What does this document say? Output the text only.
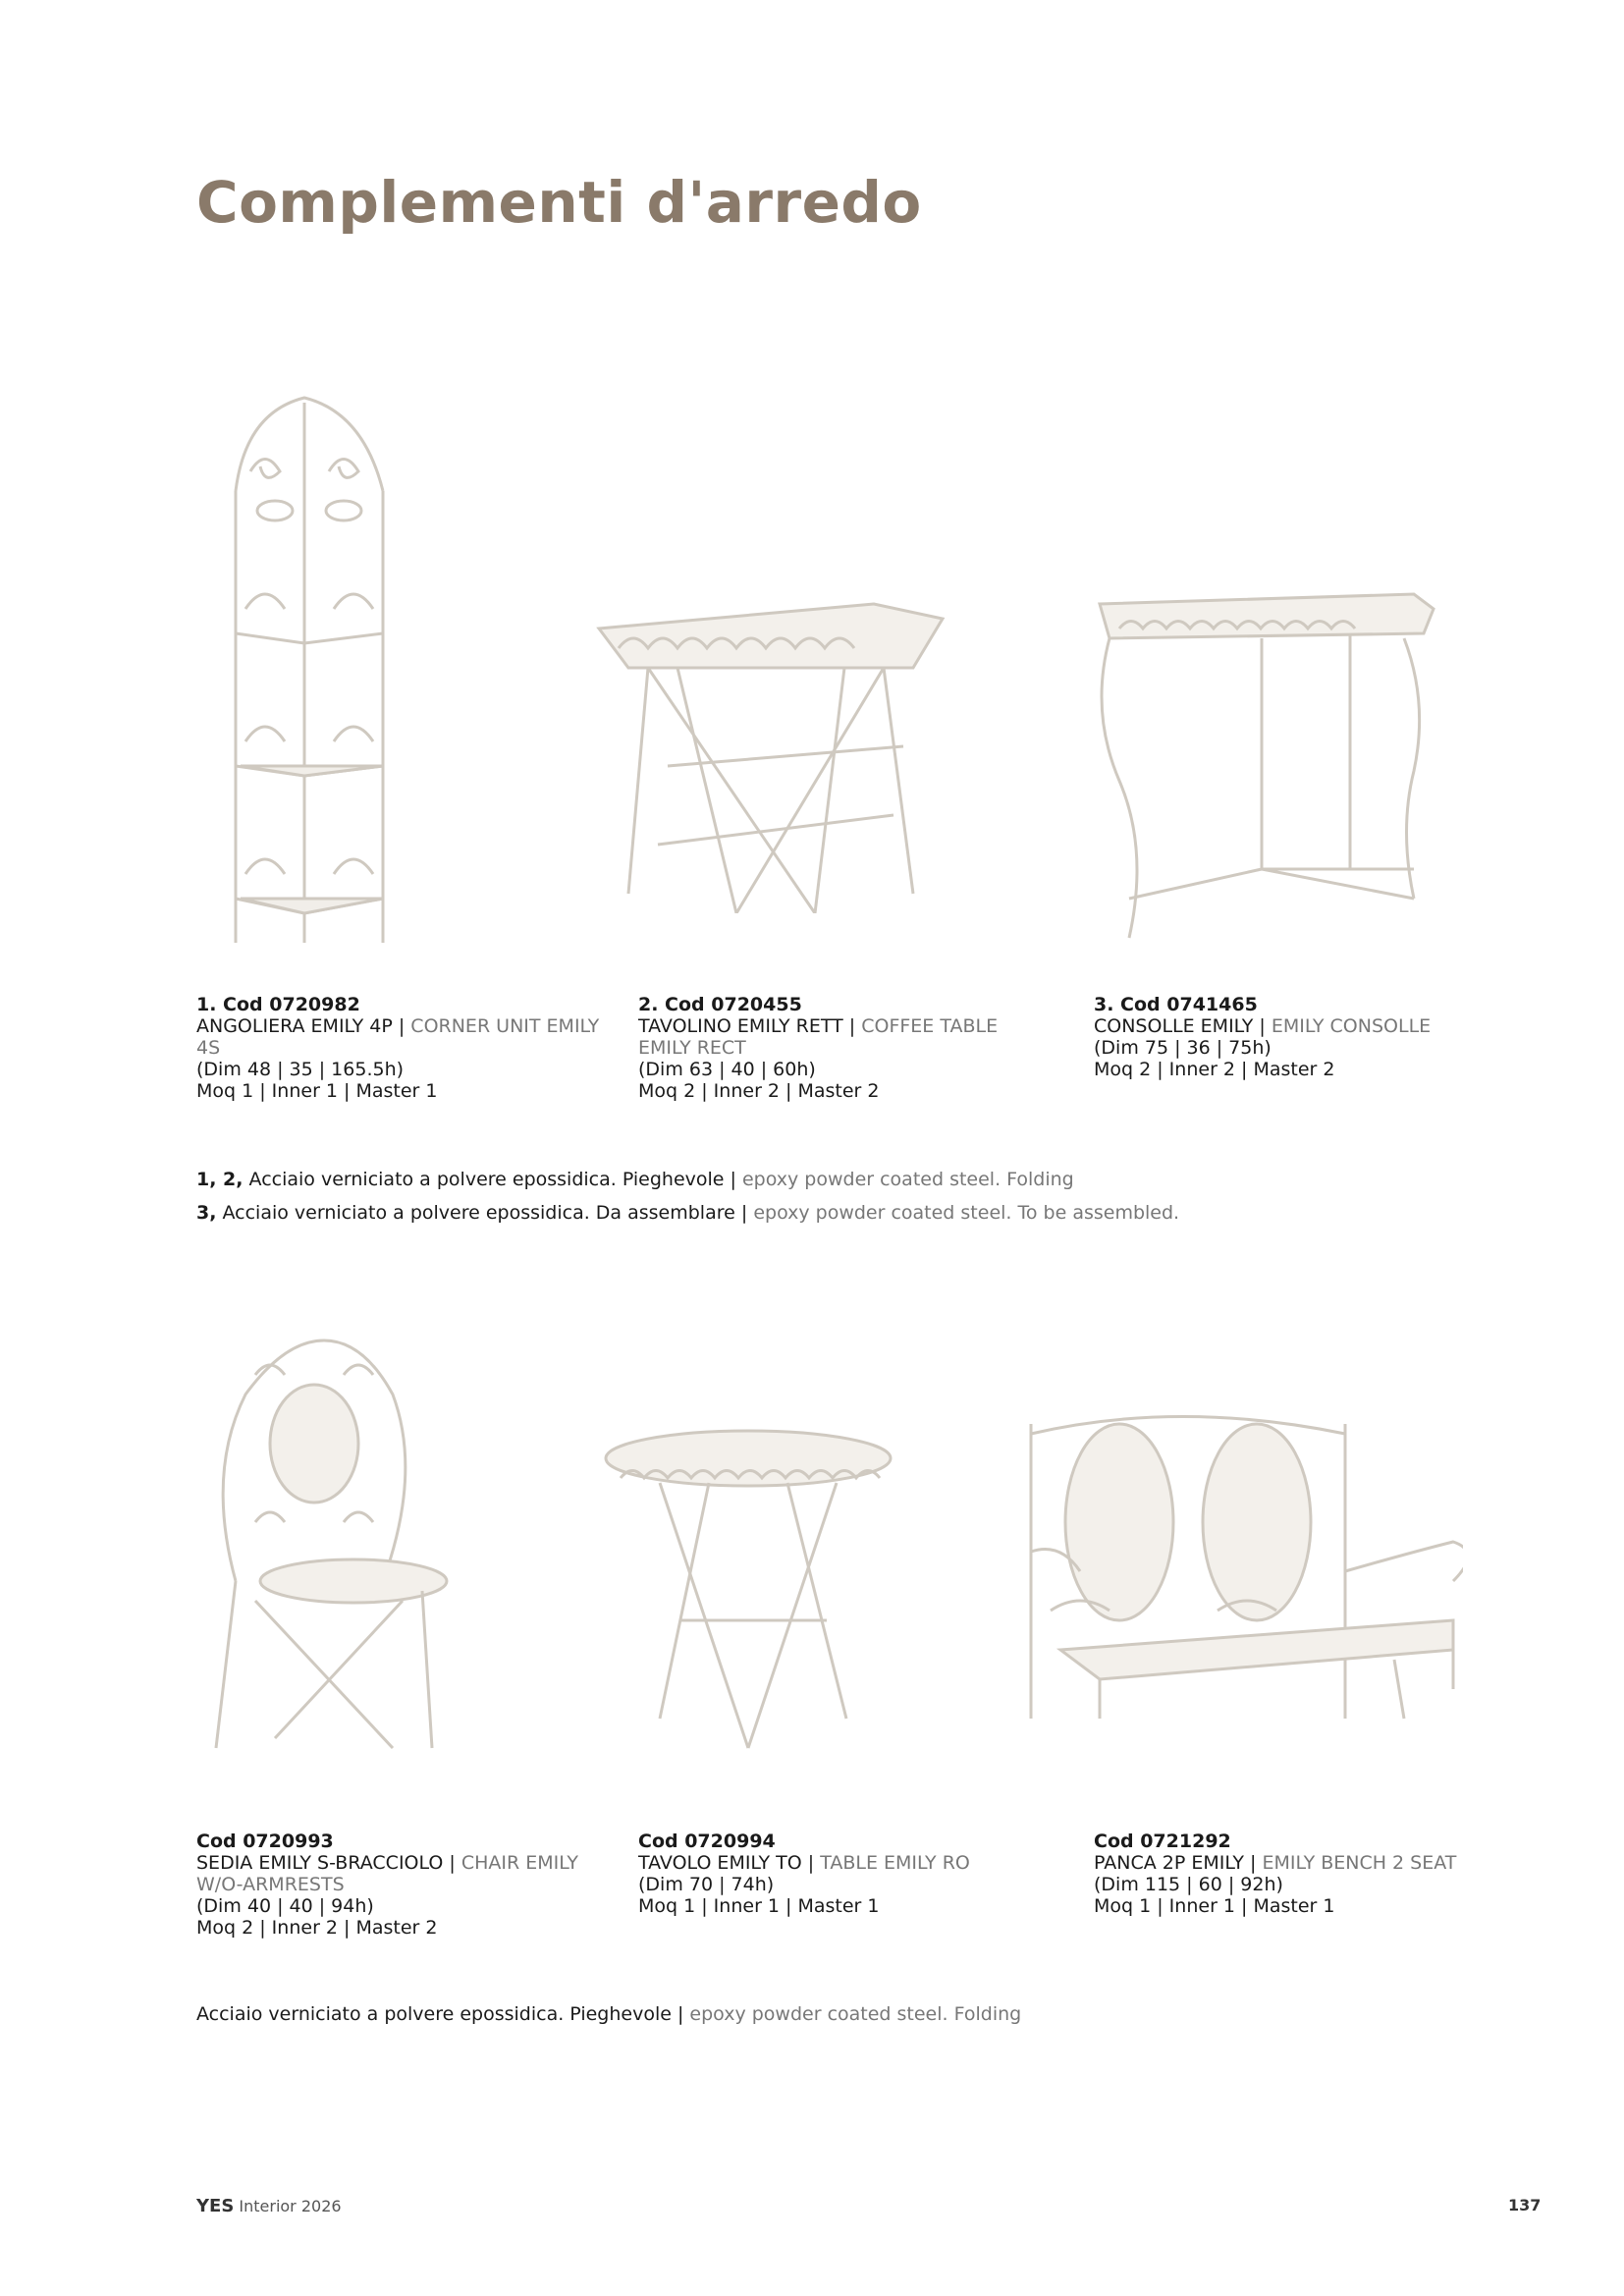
Complementi d'arredo
1. Cod 0720982
ANGOLIERA EMILY 4P | CORNER UNIT EMILY 4S
(Dim 48 | 35 | 165.5h)
Moq 1 | Inner 1 | Master 1
2. Cod 0720455
TAVOLINO EMILY RETT | COFFEE TABLE EMILY RECT
(Dim 63 | 40 | 60h)
Moq 2 | Inner 2 | Master 2
3. Cod 0741465
CONSOLLE EMILY | EMILY CONSOLLE
(Dim 75 | 36 | 75h)
Moq 2 | Inner 2 | Master 2
1, 2, Acciaio verniciato a polvere epossidica. Pieghevole | epoxy powder coated steel. Folding
3, Acciaio verniciato a polvere epossidica. Da assemblare | epoxy powder coated steel. To be assembled.
Cod 0720993
SEDIA EMILY S-BRACCIOLO | CHAIR EMILY W/O-ARMRESTS
(Dim 40 | 40 | 94h)
Moq 2 | Inner 2 | Master 2
Cod 0720994
TAVOLO EMILY TO | TABLE EMILY RO
(Dim 70 | 74h)
Moq 1 | Inner 1 | Master 1
Cod 0721292
PANCA 2P EMILY | EMILY BENCH 2 SEAT
(Dim 115 | 60 | 92h)
Moq 1 | Inner 1 | Master 1
Acciaio verniciato a polvere epossidica. Pieghevole | epoxy powder coated steel. Folding
YES Interior 2026	137
